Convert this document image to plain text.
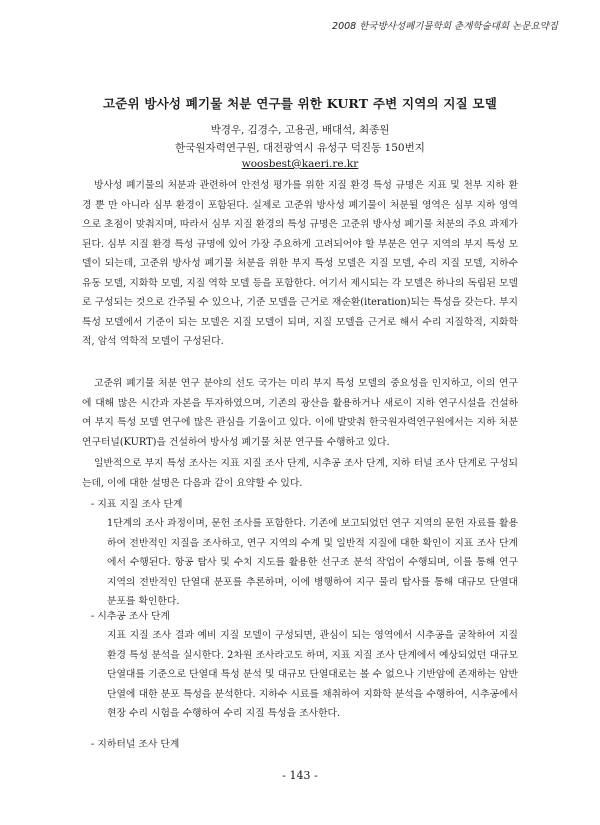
2008 한국방사성폐기물학회 춘계학술대회 논문요약집
고준위 방사성 폐기물 처분 연구를 위한 KURT 주변 지역의 지질 모델
박경우, 김경수, 고용권, 배대석, 최종원
한국원자력연구원, 대전광역시 유성구 덕진동 150번지
woosbest@kaeri.re.kr

방사성 폐기물의 처분과 관련하여 안전성 평가를 위한 지질 환경 특성 규명은 지표 및 천부 지하 환경 뿐 만 아니라 심부 환경이 포함된다. 실제로 고준위 방사성 폐기물이 처분될 영역은 심부 지하 영역으로 초점이 맞춰지며, 따라서 심부 지질 환경의 특성 규명은 고준위 방사성 폐기물 처분의 주요 과제가 된다. 심부 지질 환경 특성 규명에 있어 가장 주요하게 고려되어야 할 부분은 연구 지역의 부지 특성 모델이 되는데, 고준위 방사성 폐기물 처분을 위한 부지 특성 모델은 지질 모델, 수리 지질 모델, 지하수 유동 모델, 지화학 모델, 지질 역학 모델 등을 포함한다. 여기서 제시되는 각 모델은 하나의 독립된 모델로 구성되는 것으로 간주될 수 있으나, 기준 모델을 근거로 재순환(iteration)되는 특성을 갖는다. 부지 특성 모델에서 기준이 되는 모델은 지질 모델이 되며, 지질 모델을 근거로 해서 수리 지질학적, 지화학적, 암석 역학적 모델이 구성된다.

고준위 폐기물 처분 연구 분야의 선도 국가는 미리 부지 특성 모델의 중요성을 인지하고, 이의 연구에 대해 많은 시간과 자본을 투자하였으며, 기존의 광산을 활용하거나 새로이 지하 연구시설을 건설하여 부지 특성 모델 연구에 많은 관심을 기울이고 있다. 이에 발맞춰 한국원자력연구원에서는 지하 처분 연구터널(KURT)을 건설하여 방사성 폐기물 처분 연구를 수행하고 있다.

일반적으로 부지 특성 조사는 지표 지질 조사 단계, 시추공 조사 단계, 지하 터널 조사 단계로 구성되는데, 이에 대한 설명은 다음과 같이 요약할 수 있다.

- 지표 지질 조사 단계

1단계의 조사 과정이며, 문헌 조사를 포함한다. 기존에 보고되었던 연구 지역의 문헌 자료를 활용하여 전반적인 지질을 조사하고, 연구 지역의 수계 및 일반적 지질에 대한 확인이 지표 조사 단계에서 수행된다. 항공 탐사 및 수치 지도를 활용한 선구조 분석 작업이 수행되며, 이를 통해 연구 지역의 전반적인 단열대 분포를 추론하며, 이에 병행하여 지구 물리 탐사를 통해 대규모 단열대 분포를 확인한다.

- 시추공 조사 단계

지표 지질 조사 결과 예비 지질 모델이 구성되면, 관심이 되는 영역에서 시추공을 굴착하여 지질 환경 특성 분석을 실시한다. 2차원 조사라고도 하며, 지표 지질 조사 단계에서 예상되었던 대규모 단열대를 기준으로 단열대 특성 분석 및 대규모 단열대로는 볼 수 없으나 기반암에 존재하는 암반 단열에 대한 분포 특성을 분석한다. 지하수 시료를 채취하여 지화학 분석을 수행하여, 시추공에서 현장 수리 시험을 수행하여 수리 지질 특성을 조사한다.

- 지하터널 조사 단계
- 143 -
